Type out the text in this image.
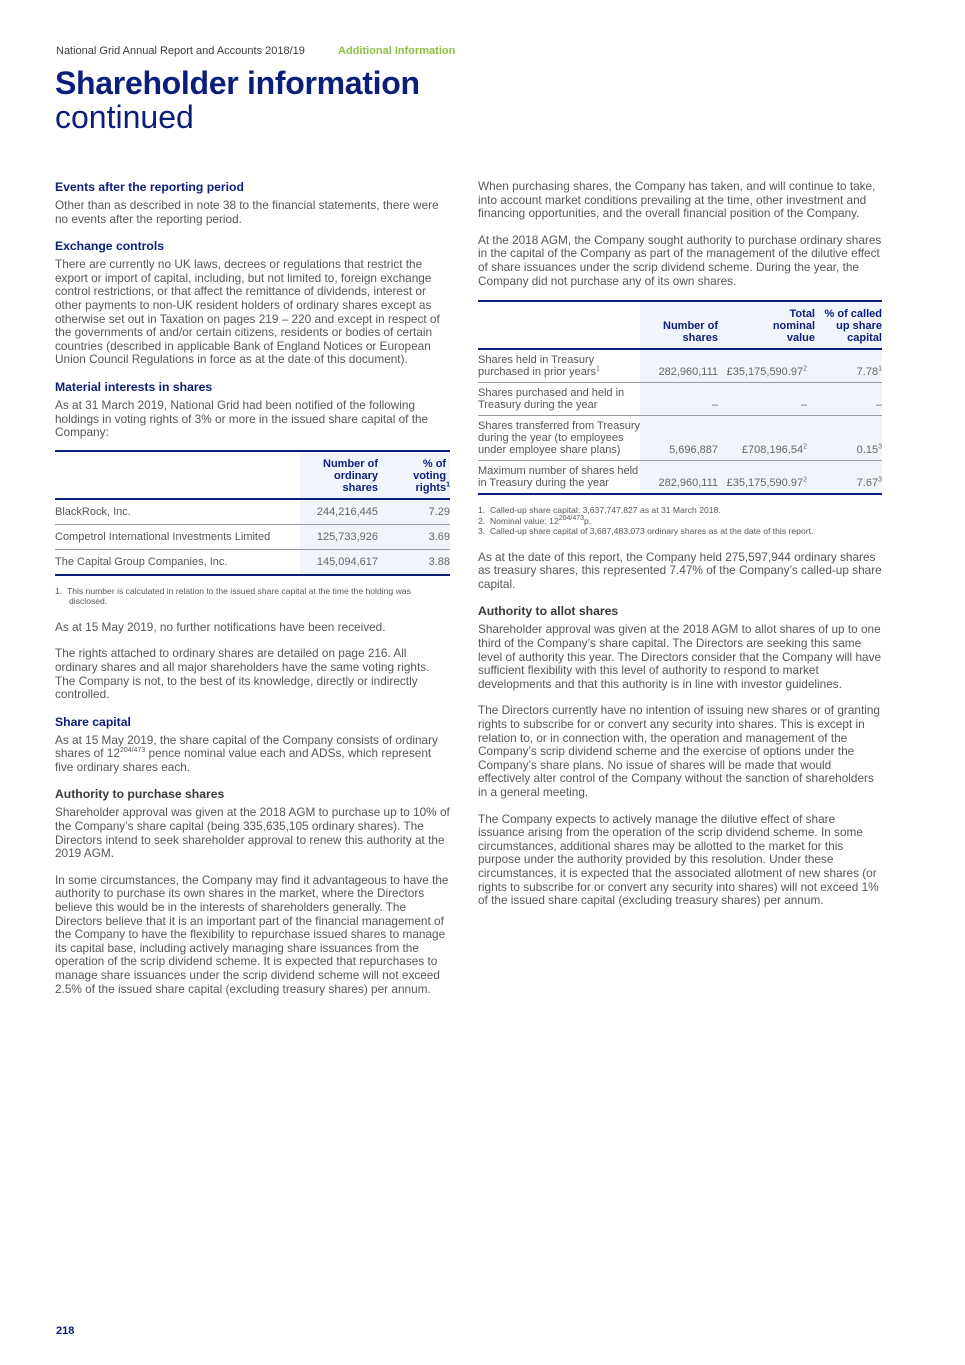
National Grid Annual Report and Accounts 2018/19	Additional Information
Shareholder information
continued
Events after the reporting period

Other than as described in note 38 to the financial statements, there were no events after the reporting period.

Exchange controls

There are currently no UK laws, decrees or regulations that restrict the export or import of capital, including, but not limited to, foreign exchange control restrictions, or that affect the remittance of dividends, interest or other payments to non-UK resident holders of ordinary shares except as otherwise set out in Taxation on pages 219 – 220 and except in respect of the governments of and/or certain citizens, residents or bodies of certain countries (described in applicable Bank of England Notices or European Union Council Regulations in force as at the date of this document).

Material interests in shares

As at 31 March 2019, National Grid had been notified of the following holdings in voting rights of 3% or more in the issued share capital of the Company:

	Number of ordinary shares	% of voting rights$^1$
BlackRock, Inc.	244,216,445	7.29
Competrol International Investments Limited	125,733,926	3.69
The Capital Group Companies, Inc.	145,094,617	3.88

1.  This number is calculated in relation to the issued share capital at the time the holding was disclosed.

As at 15 May 2019, no further notifications have been received.

The rights attached to ordinary shares are detailed on page 216. All ordinary shares and all major shareholders have the same voting rights. The Company is not, to the best of its knowledge, directly or indirectly controlled.

Share capital

As at 15 May 2019, the share capital of the Company consists of ordinary shares of $12^{204/473}$ pence nominal value each and ADSs, which represent five ordinary shares each.

Authority to purchase shares

Shareholder approval was given at the 2018 AGM to purchase up to 10% of the Company’s share capital (being 335,635,105 ordinary shares). The Directors intend to seek shareholder approval to renew this authority at the 2019 AGM.

In some circumstances, the Company may find it advantageous to have the authority to purchase its own shares in the market, where the Directors believe this would be in the interests of shareholders generally. The Directors believe that it is an important part of the financial management of the Company to have the flexibility to repurchase issued shares to manage its capital base, including actively managing share issuances from the operation of the scrip dividend scheme. It is expected that repurchases to manage share issuances under the scrip dividend scheme will not exceed 2.5% of the issued share capital (excluding treasury shares) per annum.

When purchasing shares, the Company has taken, and will continue to take, into account market conditions prevailing at the time, other investment and financing opportunities, and the overall financial position of the Company.

At the 2018 AGM, the Company sought authority to purchase ordinary shares in the capital of the Company as part of the management of the dilutive effect of share issuances under the scrip dividend scheme. During the year, the Company did not purchase any of its own shares.

	Number of shares	Total nominal value	% of called up share capital
Shares held in Treasury purchased in prior years$^1$	282,960,111	£35,175,590.97$^2$	7.78$^1$
Shares purchased and held in Treasury during the year	–	–	–
Shares transferred from Treasury during the year (to employees under employee share plans)	5,696,887	£708,196.54$^2$	0.15$^3$
Maximum number of shares held in Treasury during the year	282,960,111	£35,175,590.97$^2$	7.67$^3$

1.  Called-up share capital: 3,637,747,827 as at 31 March 2018.

2.  Nominal value: $12^{204/473}p$.

3.  Called-up share capital of 3,687,483,073 ordinary shares as at the date of this report.

As at the date of this report, the Company held 275,597,944 ordinary shares as treasury shares, this represented 7.47% of the Company’s called-up share capital.

Authority to allot shares

Shareholder approval was given at the 2018 AGM to allot shares of up to one third of the Company’s share capital. The Directors are seeking this same level of authority this year. The Directors consider that the Company will have sufficient flexibility with this level of authority to respond to market developments and that this authority is in line with investor guidelines.

The Directors currently have no intention of issuing new shares or of granting rights to subscribe for or convert any security into shares. This is except in relation to, or in connection with, the operation and management of the Company’s scrip dividend scheme and the exercise of options under the Company’s share plans. No issue of shares will be made that would effectively alter control of the Company without the sanction of shareholders in a general meeting.

The Company expects to actively manage the dilutive effect of share issuance arising from the operation of the scrip dividend scheme. In some circumstances, additional shares may be allotted to the market for this purpose under the authority provided by this resolution. Under these circumstances, it is expected that the associated allotment of new shares (or rights to subscribe for or convert any security into shares) will not exceed 1% of the issued share capital (excluding treasury shares) per annum.

218
